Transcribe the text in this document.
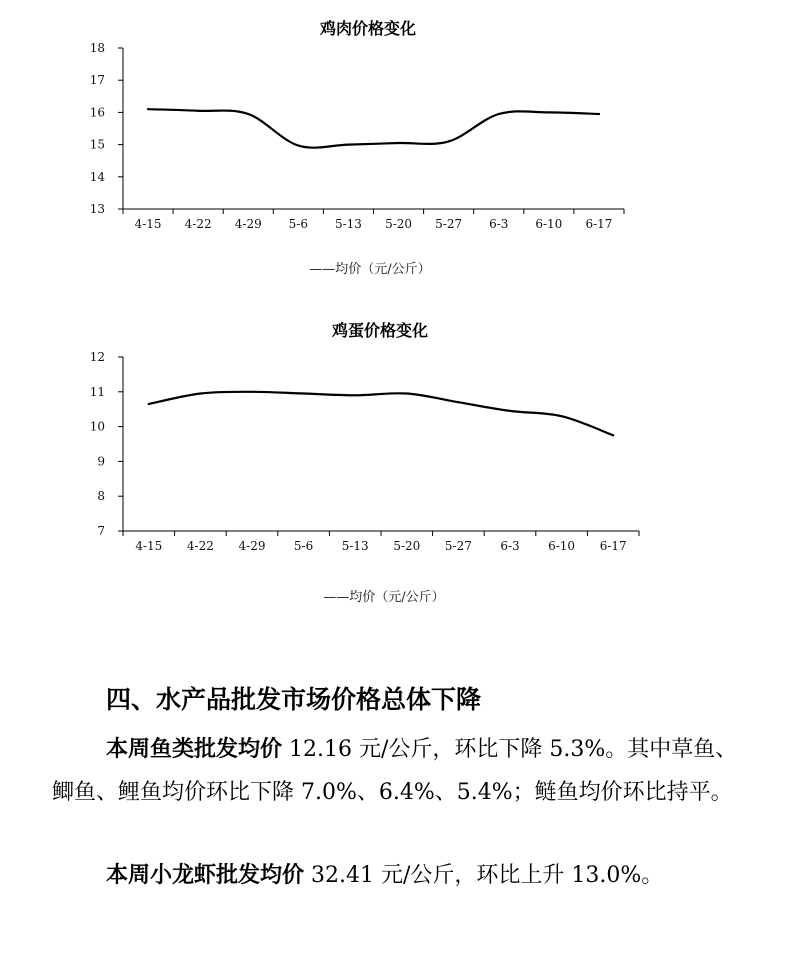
鸡肉价格变化
13
14
15
16
17
18
4-15 4-22 4-29 5-6 5-13 5-20 5-27 6-3 6-10 6-17
——均价（元/公斤）
鸡蛋价格变化
7
8
9
10
11
12
4-15 4-22 4-29 5-6 5-13 5-20 5-27 6-3 6-10 6-17
——均价（元/公斤）
四、水产品批发市场价格总体下降
本周鱼类批发均价 12.16 元/公斤，环比下降 5.3%。其中草鱼、鲫鱼、鲤鱼均价环比下降 7.0%、6.4%、5.4%；鲢鱼均价环比持平。
本周小龙虾批发均价 32.41 元/公斤，环比上升 13.0%。
